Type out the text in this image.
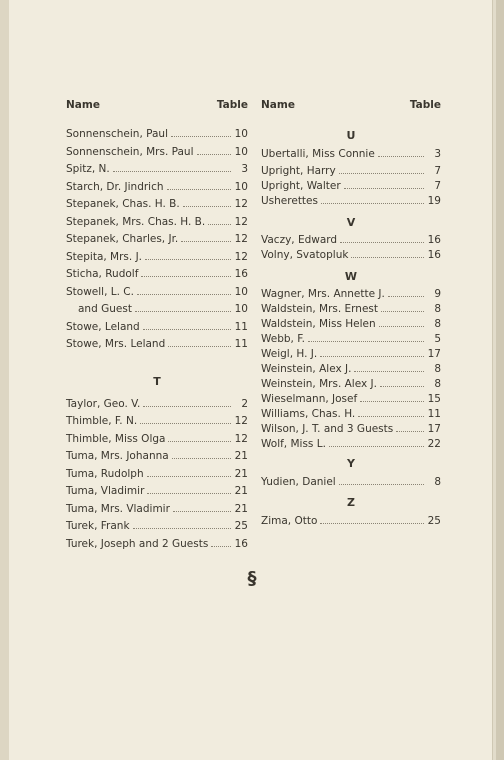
Name	Table
Sonnenschein, Paul	10
Sonnenschein, Mrs. Paul	10
Spitz, N.	3
Starch, Dr. Jindrich	10
Stepanek, Chas. H. B.	12
Stepanek, Mrs. Chas. H. B.	12
Stepanek, Charles, Jr.	12
Stepita, Mrs. J.	12
Sticha, Rudolf	16
Stowell, L. C.	10
and Guest	10
Stowe, Leland	11
Stowe, Mrs. Leland	11
T
Taylor, Geo. V.	2
Thimble, F. N.	12
Thimble, Miss Olga	12
Tuma, Mrs. Johanna	21
Tuma, Rudolph	21
Tuma, Vladimir	21
Tuma, Mrs. Vladimir	21
Turek, Frank	25
Turek, Joseph and 2 Guests	16
Name	Table
U
Ubertalli, Miss Connie	3
Upright, Harry	7
Upright, Walter	7
Usherettes	19
V
Vaczy, Edward	16
Volny, Svatopluk	16
W
Wagner, Mrs. Annette J.	9
Waldstein, Mrs. Ernest	8
Waldstein, Miss Helen	8
Webb, F.	5
Weigl, H. J.	17
Weinstein, Alex J.	8
Weinstein, Mrs. Alex J.	8
Wieselmann, Josef	15
Williams, Chas. H.	11
Wilson, J. T. and 3 Guests	17
Wolf, Miss L.	22
Y
Yudien, Daniel	8
Z
Zima, Otto	25
§
